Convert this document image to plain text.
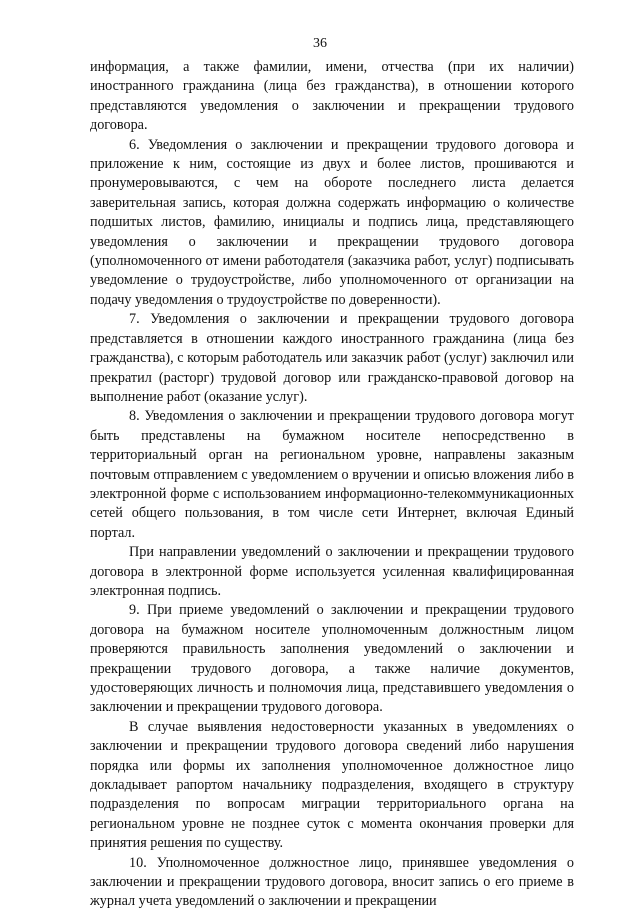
36

информация, а также фамилии, имени, отчества (при их наличии) иностранного гражданина (лица без гражданства), в отношении которого представляются уведомления о заключении и прекращении трудового договора.

6. Уведомления о заключении и прекращении трудового договора и приложение к ним, состоящие из двух и более листов, прошиваются и пронумеровываются, с чем на обороте последнего листа делается заверительная запись, которая должна содержать информацию о количестве подшитых листов, фамилию, инициалы и подпись лица, представляющего уведомления о заключении и прекращении трудового договора (уполномоченного от имени работодателя (заказчика работ, услуг) подписывать уведомление о трудоустройстве, либо уполномоченного от организации на подачу уведомления о трудоустройстве по доверенности).

7. Уведомления о заключении и прекращении трудового договора представляется в отношении каждого иностранного гражданина (лица без гражданства), с которым работодатель или заказчик работ (услуг) заключил или прекратил (расторг) трудовой договор или гражданско-правовой договор на выполнение работ (оказание услуг).

8. Уведомления о заключении и прекращении трудового договора могут быть представлены на бумажном носителе непосредственно в территориальный орган на региональном уровне, направлены заказным почтовым отправлением с уведомлением о вручении и описью вложения либо в электронной форме с использованием информационно-телекоммуникационных сетей общего пользования, в том числе сети Интернет, включая Единый портал.

При направлении уведомлений о заключении и прекращении трудового договора в электронной форме используется усиленная квалифицированная электронная подпись.

9. При приеме уведомлений о заключении и прекращении трудового договора на бумажном носителе уполномоченным должностным лицом проверяются правильность заполнения уведомлений о заключении и прекращении трудового договора, а также наличие документов, удостоверяющих личность и полномочия лица, представившего уведомления о заключении и прекращении трудового договора.

В случае выявления недостоверности указанных в уведомлениях о заключении и прекращении трудового договора сведений либо нарушения порядка или формы их заполнения уполномоченное должностное лицо докладывает рапортом начальнику подразделения, входящего в структуру подразделения по вопросам миграции территориального органа на региональном уровне не позднее суток с момента окончания проверки для принятия решения по существу.

10. Уполномоченное должностное лицо, принявшее уведомления о заключении и прекращении трудового договора, вносит запись о его приеме в журнал учета уведомлений о заключении и прекращении
